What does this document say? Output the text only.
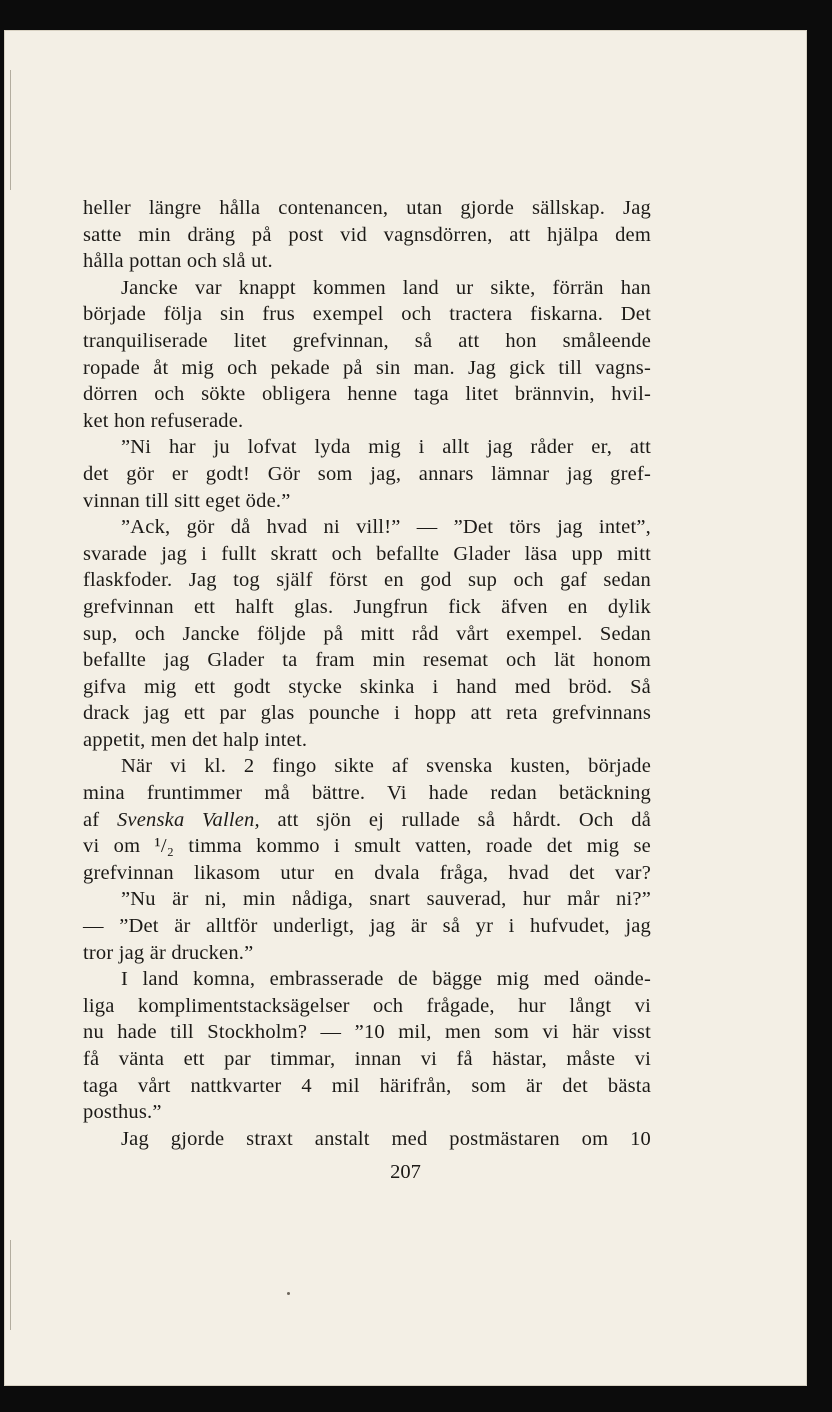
heller längre hålla contenancen, utan gjorde sällskap. Jag
satte min dräng på post vid vagnsdörren, att hjälpa dem
hålla pottan och slå ut.
Jancke var knappt kommen land ur sikte, förrän han
började följa sin frus exempel och tractera fiskarna. Det
tranquiliserade litet grefvinnan, så att hon småleende
ropade åt mig och pekade på sin man. Jag gick till vagns-
dörren och sökte obligera henne taga litet brännvin, hvil-
ket hon refuserade.
”Ni har ju lofvat lyda mig i allt jag råder er, att
det gör er godt! Gör som jag, annars lämnar jag gref-
vinnan till sitt eget öde.”
”Ack, gör då hvad ni vill!” — ”Det törs jag intet”,
svarade jag i fullt skratt och befallte Glader läsa upp mitt
flaskfoder. Jag tog själf först en god sup och gaf sedan
grefvinnan ett halft glas. Jungfrun fick äfven en dylik
sup, och Jancke följde på mitt råd vårt exempel. Sedan
befallte jag Glader ta fram min resemat och lät honom
gifva mig ett godt stycke skinka i hand med bröd. Så
drack jag ett par glas pounche i hopp att reta grefvinnans
appetit, men det halp intet.
När vi kl. 2 fingo sikte af svenska kusten, började
mina fruntimmer må bättre. Vi hade redan betäckning
af Svenska Vallen, att sjön ej rullade så hårdt. Och då
vi om ¹/₂ timma kommo i smult vatten, roade det mig se
grefvinnan likasom utur en dvala fråga, hvad det var?
”Nu är ni, min nådiga, snart sauverad, hur mår ni?”
— ”Det är alltför underligt, jag är så yr i hufvudet, jag
tror jag är drucken.”
I land komna, embrasserade de bägge mig med oände-
liga komplimentstacksägelser och frågade, hur långt vi
nu hade till Stockholm? — ”10 mil, men som vi här visst
få vänta ett par timmar, innan vi få hästar, måste vi
taga vårt nattkvarter 4 mil härifrån, som är det bästa
posthus.”
Jag gjorde straxt anstalt med postmästaren om 10
207
